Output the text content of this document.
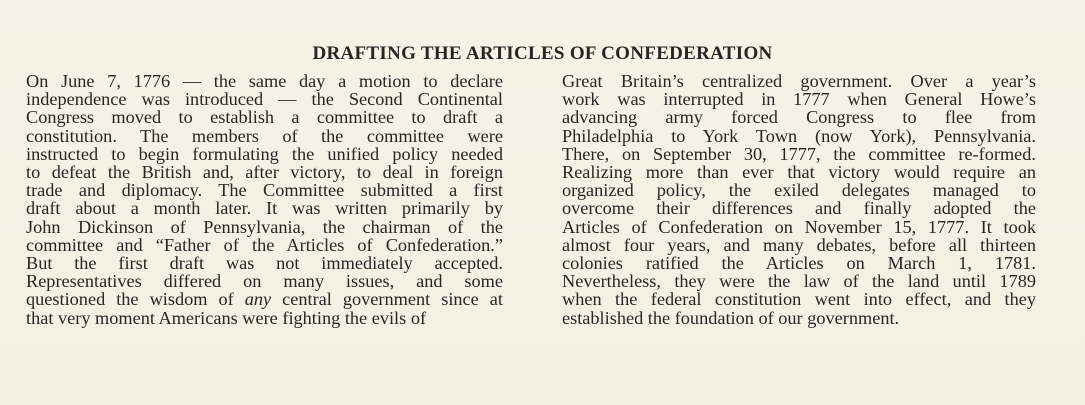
DRAFTING THE ARTICLES OF CONFEDERATION
On June 7, 1776 — the same day a motion to declare
independence was introduced — the Second Continental
Congress moved to establish a committee to draft a
constitution. The members of the committee were
instructed to begin formulating the unified policy needed
to defeat the British and, after victory, to deal in foreign
trade and diplomacy. The Committee submitted a first
draft about a month later. It was written primarily by
John Dickinson of Pennsylvania, the chairman of the
committee and “Father of the Articles of Confederation.”
But the first draft was not immediately accepted.
Representatives differed on many issues, and some
questioned the wisdom of any central government since at
that very moment Americans were fighting the evils of
Great Britain’s centralized government. Over a year’s
work was interrupted in 1777 when General Howe’s
advancing army forced Congress to flee from
Philadelphia to York Town (now York), Pennsylvania.
There, on September 30, 1777, the committee re-formed.
Realizing more than ever that victory would require an
organized policy, the exiled delegates managed to
overcome their differences and finally adopted the
Articles of Confederation on November 15, 1777. It took
almost four years, and many debates, before all thirteen
colonies ratified the Articles on March 1, 1781.
Nevertheless, they were the law of the land until 1789
when the federal constitution went into effect, and they
established the foundation of our government.
